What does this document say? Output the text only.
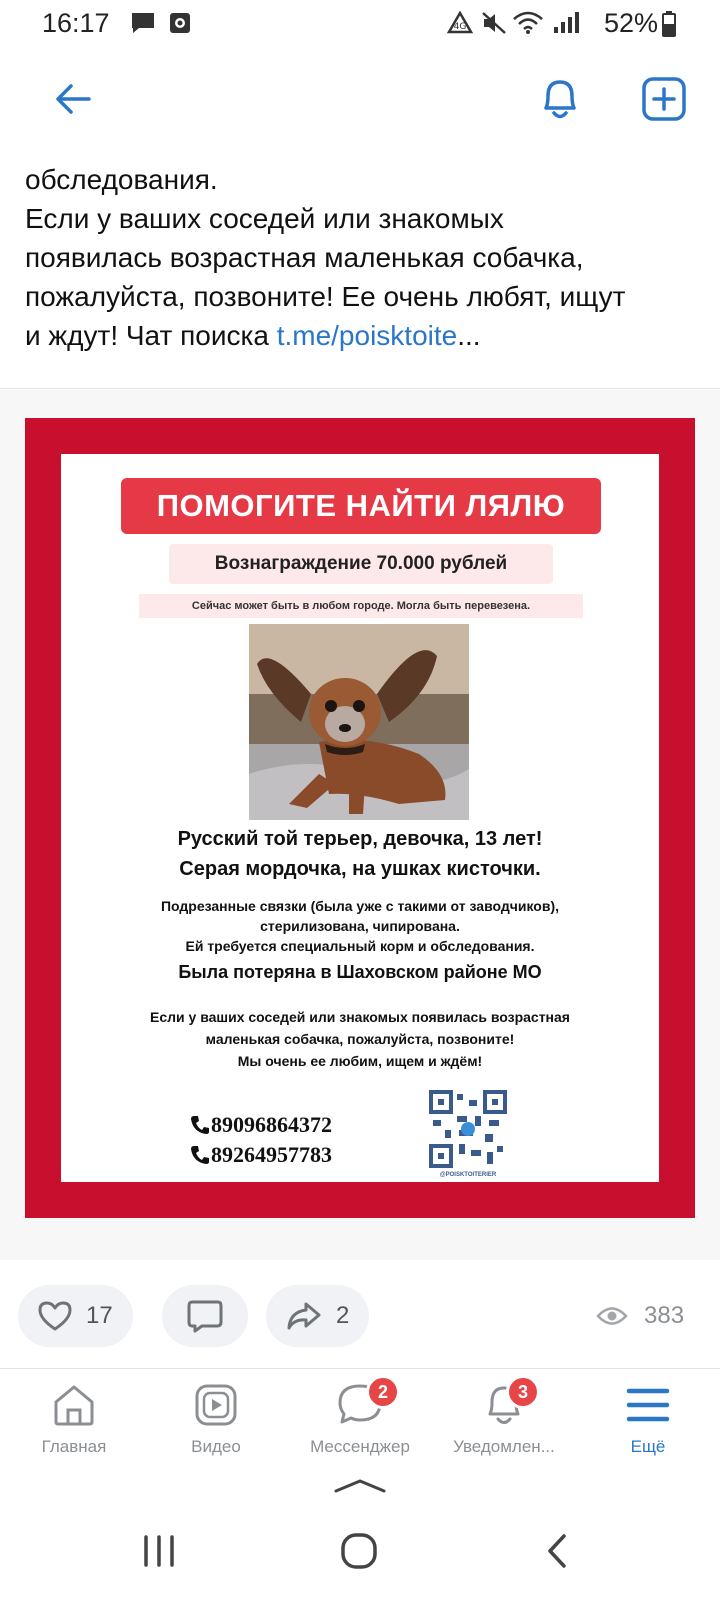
16:17	4G	52%
обследования.
Если у ваших соседей или знакомых
появилась возрастная маленькая собачка,
пожалуйста, позвоните! Ее очень любят, ищут
и ждут! Чат поиска t.me/poisktoite...
ПОМОГИТЕ НАЙТИ ЛЯЛЮ
Вознаграждение 70.000 рублей
Сейчас может быть в любом городе. Могла быть перевезена.
Русский той терьер, девочка, 13 лет!
Серая мордочка, на ушках кисточки.
Подрезанные связки (была уже с такими от заводчиков),
стерилизована, чипирована.
Ей требуется специальный корм и обследования.
Была потеряна в Шаховском районе МО
Если у ваших соседей или знакомых появилась возрастная
маленькая собачка, пожалуйста, позвоните!
Мы очень ее любим, ищем и ждём!
89096864372
89264957783
@POISKTOITERIER
17	2	383
Главная	Видео
2
Мессенджер
3
Уведомлен...	Ещё
